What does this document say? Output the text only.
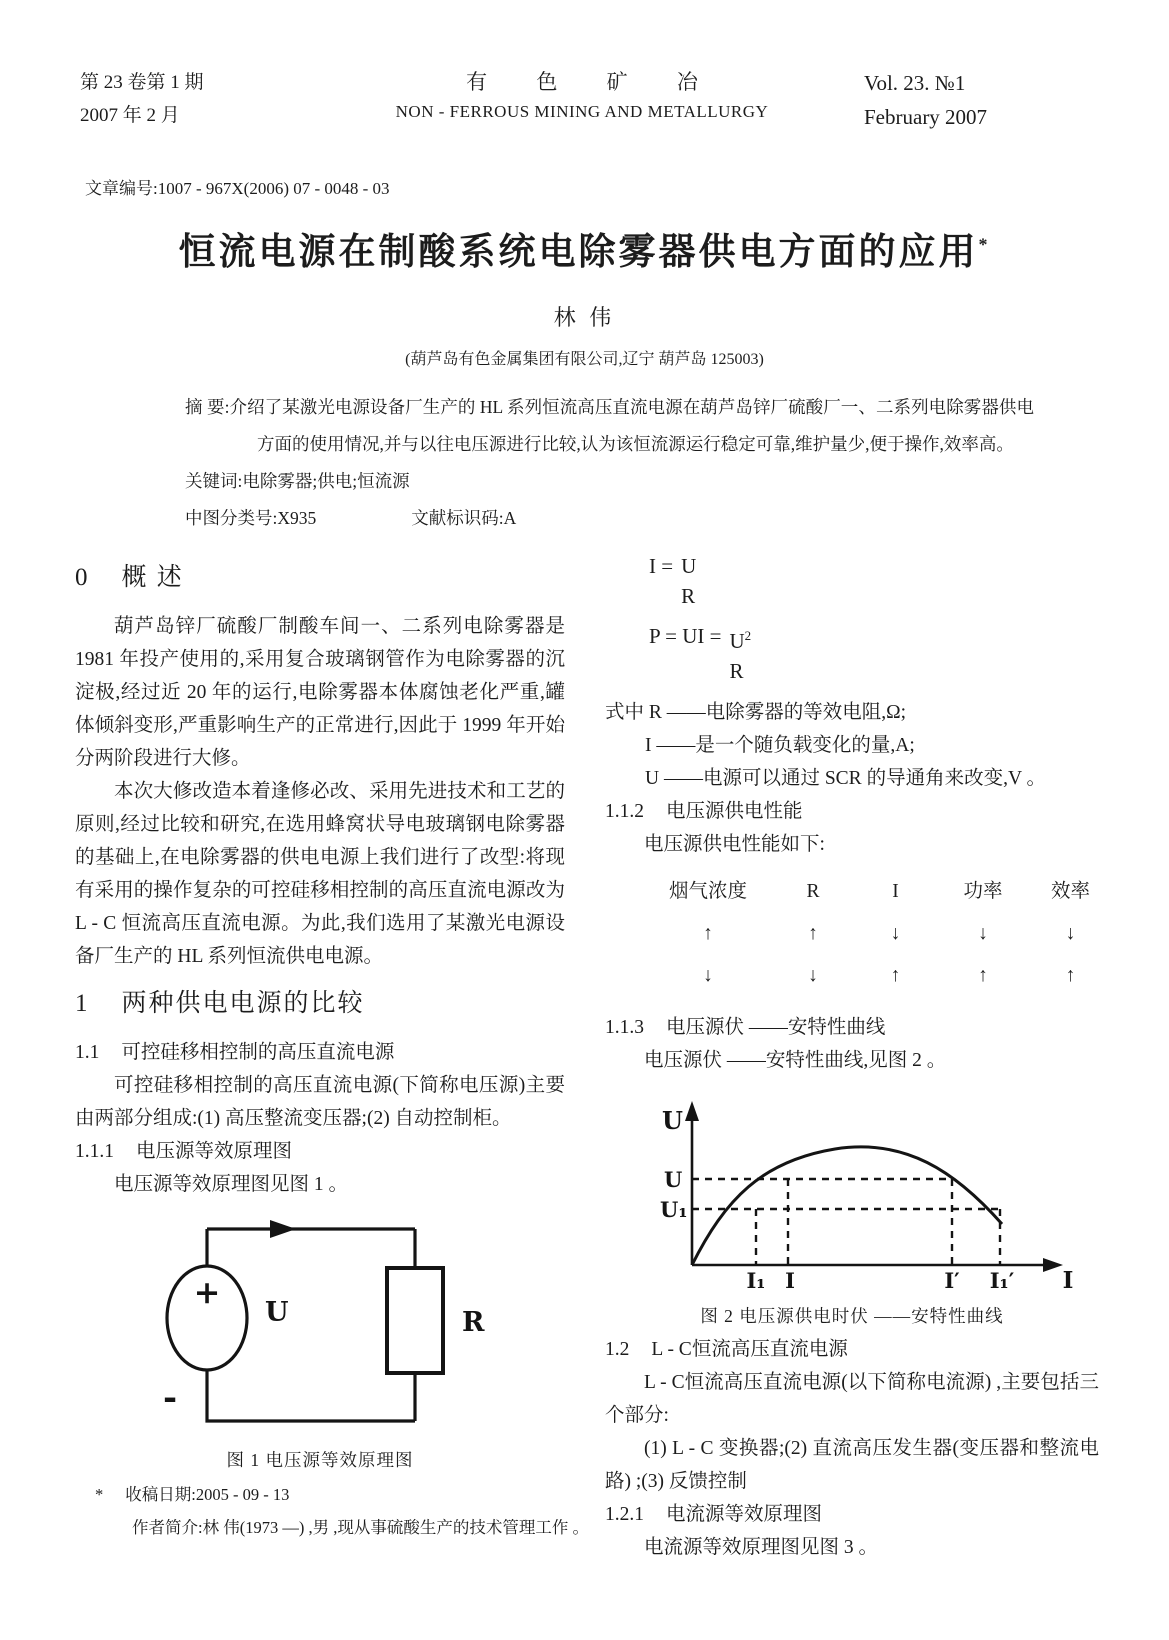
第 23 卷第 1 期
2007 年 2 月
有 色 矿 冶
NON - FERROUS MINING AND METALLURGY
Vol. 23. №1
February 2007
文章编号:1007 - 967X(2006) 07 - 0048 - 03
恒流电源在制酸系统电除雾器供电方面的应用*
林 伟
(葫芦岛有色金属集团有限公司,辽宁 葫芦岛 125003)

摘 要:介绍了某激光电源设备厂生产的 HL 系列恒流高压直流电源在葫芦岛锌厂硫酸厂一、二系列电除雾器供电方面的使用情况,并与以往电压源进行比较,认为该恒流源运行稳定可靠,维护量少,便于操作,效率高。

关键词:电除雾器;供电;恒流源

中图分类号:X935	文献标识码:A

0 概 述

葫芦岛锌厂硫酸厂制酸车间一、二系列电除雾器是 1981 年投产使用的,采用复合玻璃钢管作为电除雾器的沉淀极,经过近 20 年的运行,电除雾器本体腐蚀老化严重,罐体倾斜变形,严重影响生产的正常进行,因此于 1999 年开始分两阶段进行大修。

本次大修改造本着逢修必改、采用先进技术和工艺的原则,经过比较和研究,在选用蜂窝状导电玻璃钢电除雾器的基础上,在电除雾器的供电电源上我们进行了改型:将现有采用的操作复杂的可控硅移相控制的高压直流电源改为 L - C 恒流高压直流电源。为此,我们选用了某激光电源设备厂生产的 HL 系列恒流供电电源。

1 两种供电电源的比较

1.1 可控硅移相控制的高压直流电源

可控硅移相控制的高压直流电源(下简称电压源)主要由两部分组成:(1) 高压整流变压器;(2) 自动控制柜。

1.1.1 电压源等效原理图

电压源等效原理图见图 1 。

+
-
U	R
图 1 电压源等效原理图
I = U
R
P = UI = $U^2$
R

式中 R ——电除雾器的等效电阻,Ω;

I ——是一个随负载变化的量,A;

U ——电源可以通过 SCR 的导通角来改变,V 。

1.1.2 电压源供电性能

电压源供电性能如下:

烟气浓度	R	I	功率	效率
↑	↑	↓	↓	↓
↓	↓	↑	↑	↑

1.1.3 电压源伏 ——安特性曲线

电压源伏 ——安特性曲线,见图 2 。

U
U
U₁
I₁ I	I′ I₁′ I
图 2 电压源供电时伏 ——安特性曲线

1.2 L - C恒流高压直流电源

L - C恒流高压直流电源(以下简称电流源) ,主要包括三个部分:

(1) L - C 变换器;(2) 直流高压发生器(变压器和整流电路) ;(3) 反馈控制

1.2.1 电流源等效原理图

电流源等效原理图见图 3 。

* 收稿日期:2005 - 09 - 13
作者简介:林 伟(1973 —) ,男 ,现从事硫酸生产的技术管理工作 。
